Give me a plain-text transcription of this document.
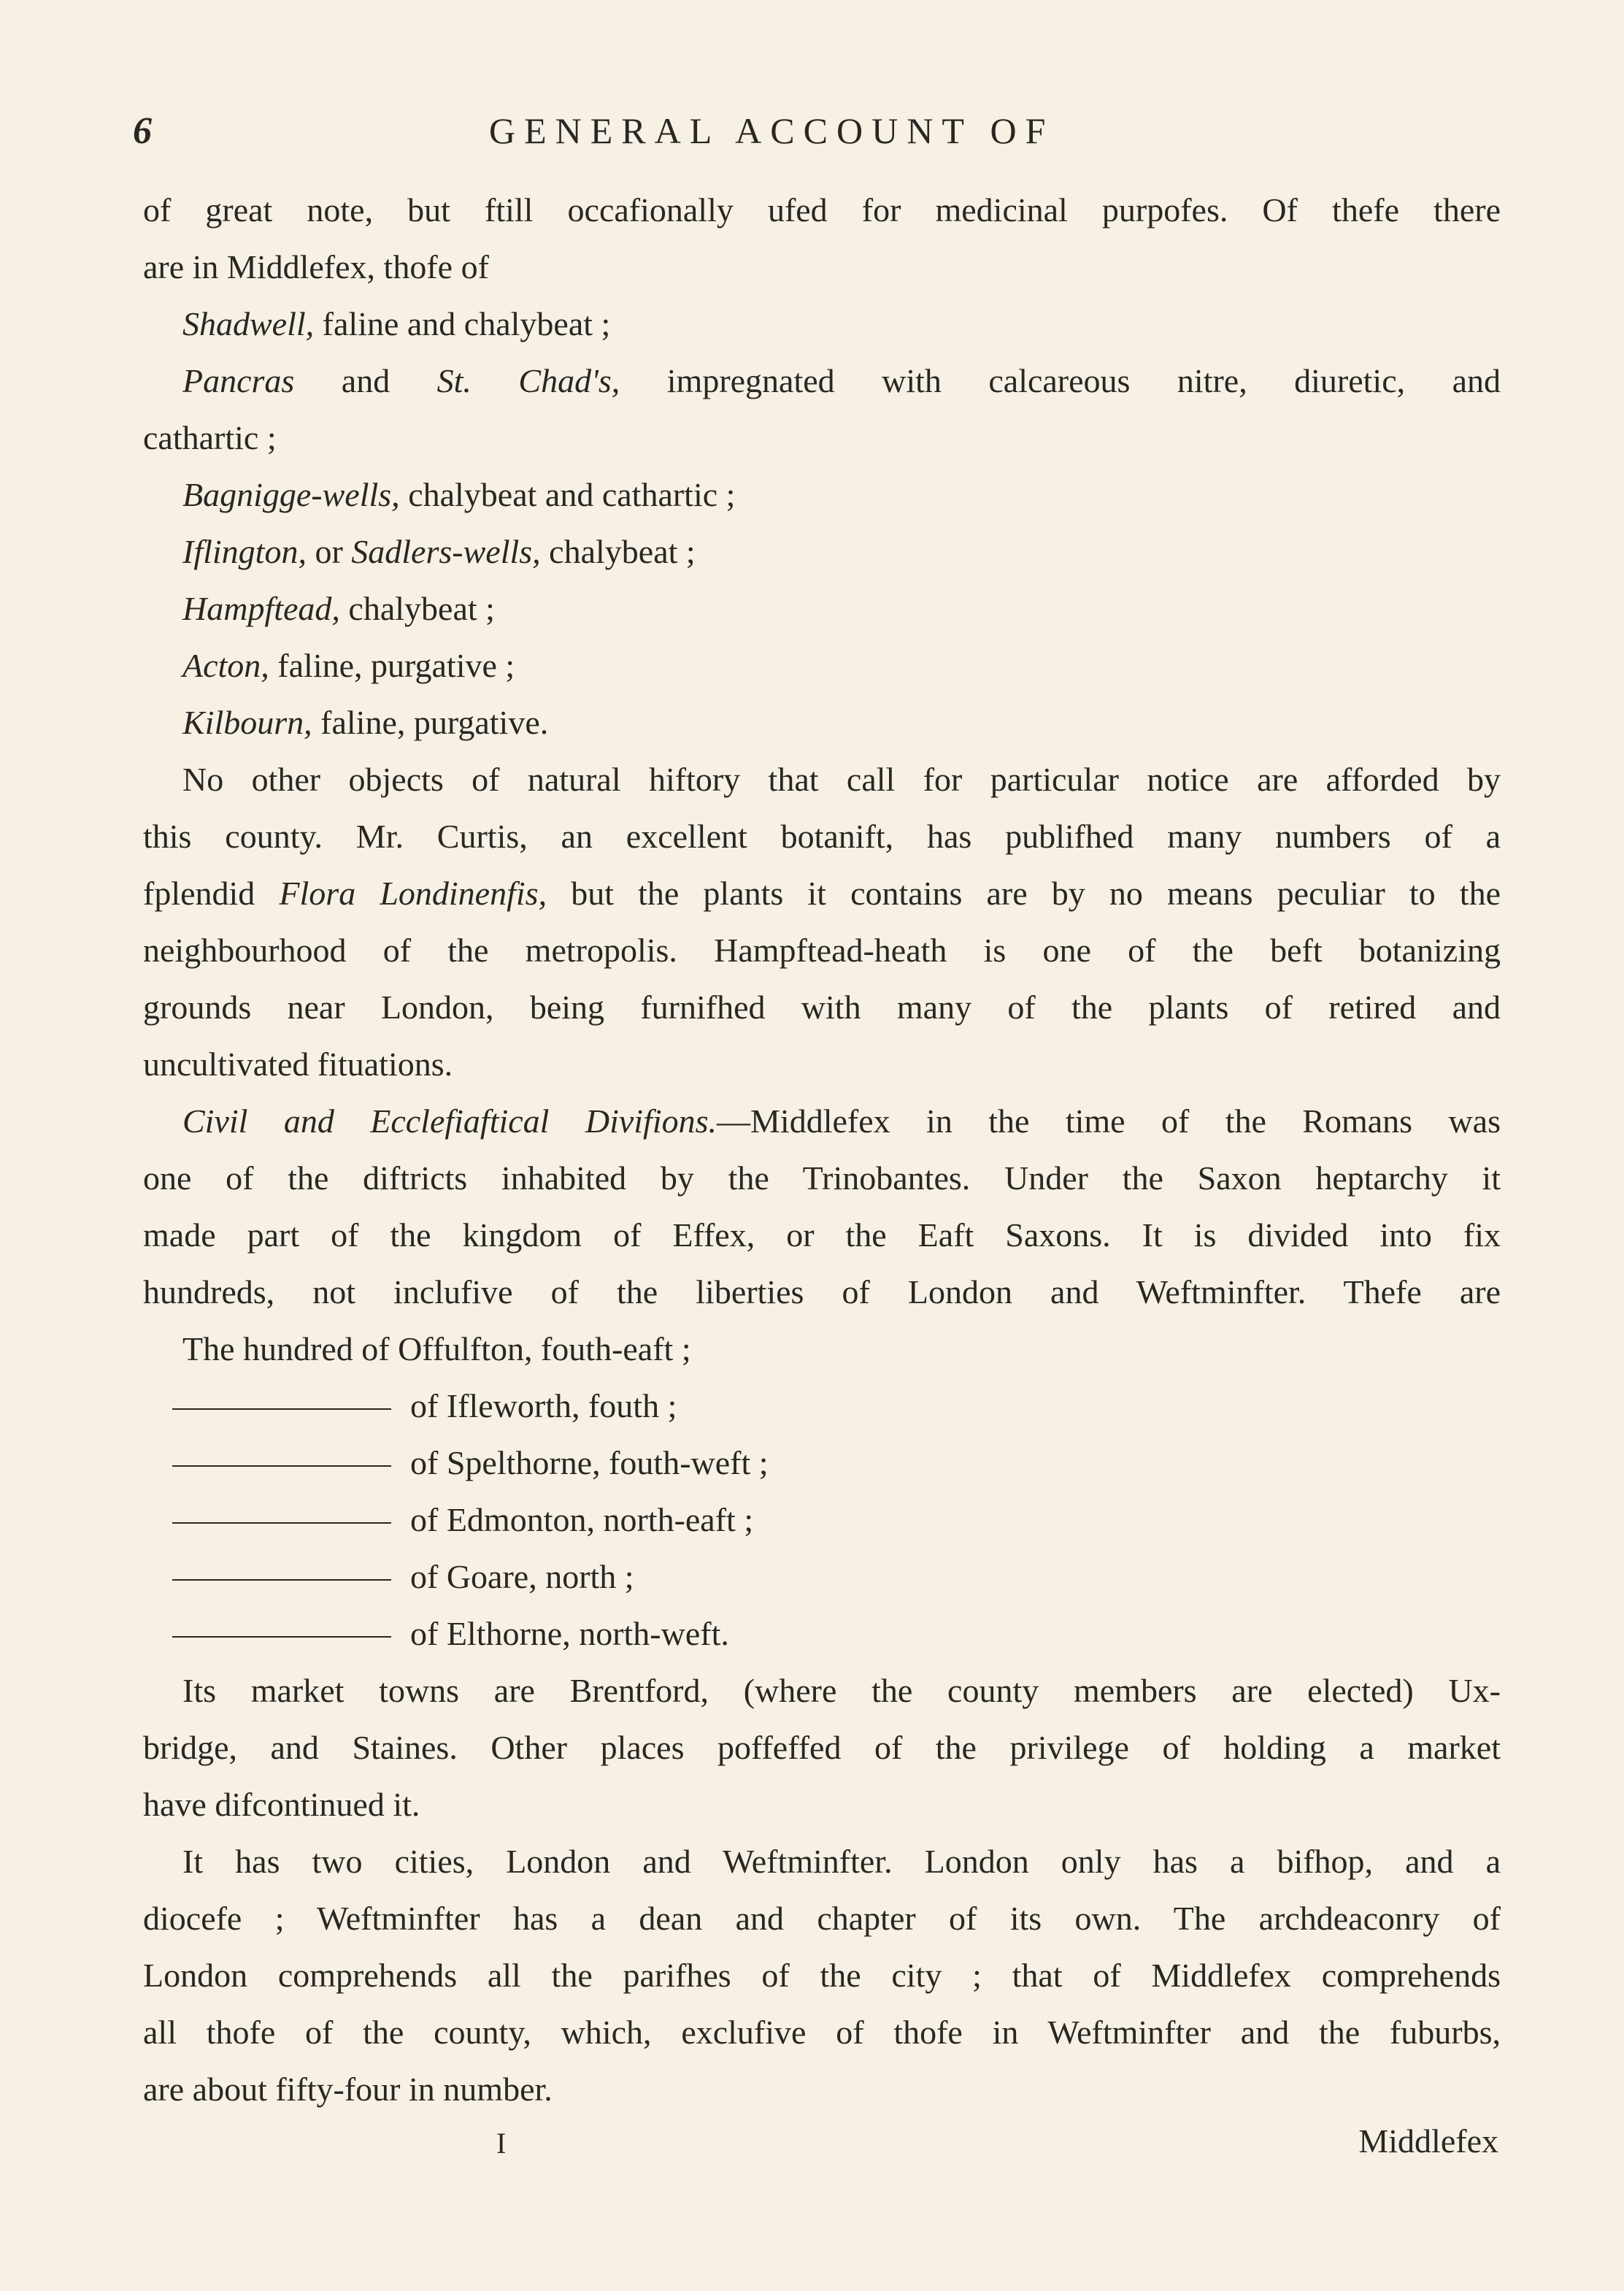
6	GENERAL ACCOUNT OF
of great note, but ftill occafionally ufed for medicinal purpofes. Of thefe there
are in Middlefex, thofe of
Shadwell, faline and chalybeat ;
Pancras and St. Chad's, impregnated with calcareous nitre, diuretic, and
cathartic ;
Bagnigge-wells, chalybeat and cathartic ;
Iflington, or Sadlers-wells, chalybeat ;
Hampftead, chalybeat ;
Acton, faline, purgative ;
Kilbourn, faline, purgative.
No other objects of natural hiftory that call for particular notice are afforded by
this county. Mr. Curtis, an excellent botanift, has publifhed many numbers of a
fplendid Flora Londinenfis, but the plants it contains are by no means peculiar to the
neighbourhood of the metropolis. Hampftead-heath is one of the beft botanizing
grounds near London, being furnifhed with many of the plants of retired and
uncultivated fituations.
Civil and Ecclefiaftical Divifions.—Middlefex in the time of the Romans was
one of the diftricts inhabited by the Trinobantes. Under the Saxon heptarchy it
made part of the kingdom of Effex, or the Eaft Saxons. It is divided into fix
hundreds, not inclufive of the liberties of London and Weftminfter. Thefe are
The hundred of Offulfton, fouth-eaft ;
of Ifleworth, fouth ;
of Spelthorne, fouth-weft ;
of Edmonton, north-eaft ;
of Goare, north ;
of Elthorne, north-weft.
Its market towns are Brentford, (where the county members are elected) Ux-
bridge, and Staines. Other places poffeffed of the privilege of holding a market
have difcontinued it.
It has two cities, London and Weftminfter. London only has a bifhop, and a
diocefe ; Weftminfter has a dean and chapter of its own. The archdeaconry of
London comprehends all the parifhes of the city ; that of Middlefex comprehends
all thofe of the county, which, exclufive of thofe in Weftminfter and the fuburbs,
are about fifty-four in number.
I	Middlefex
